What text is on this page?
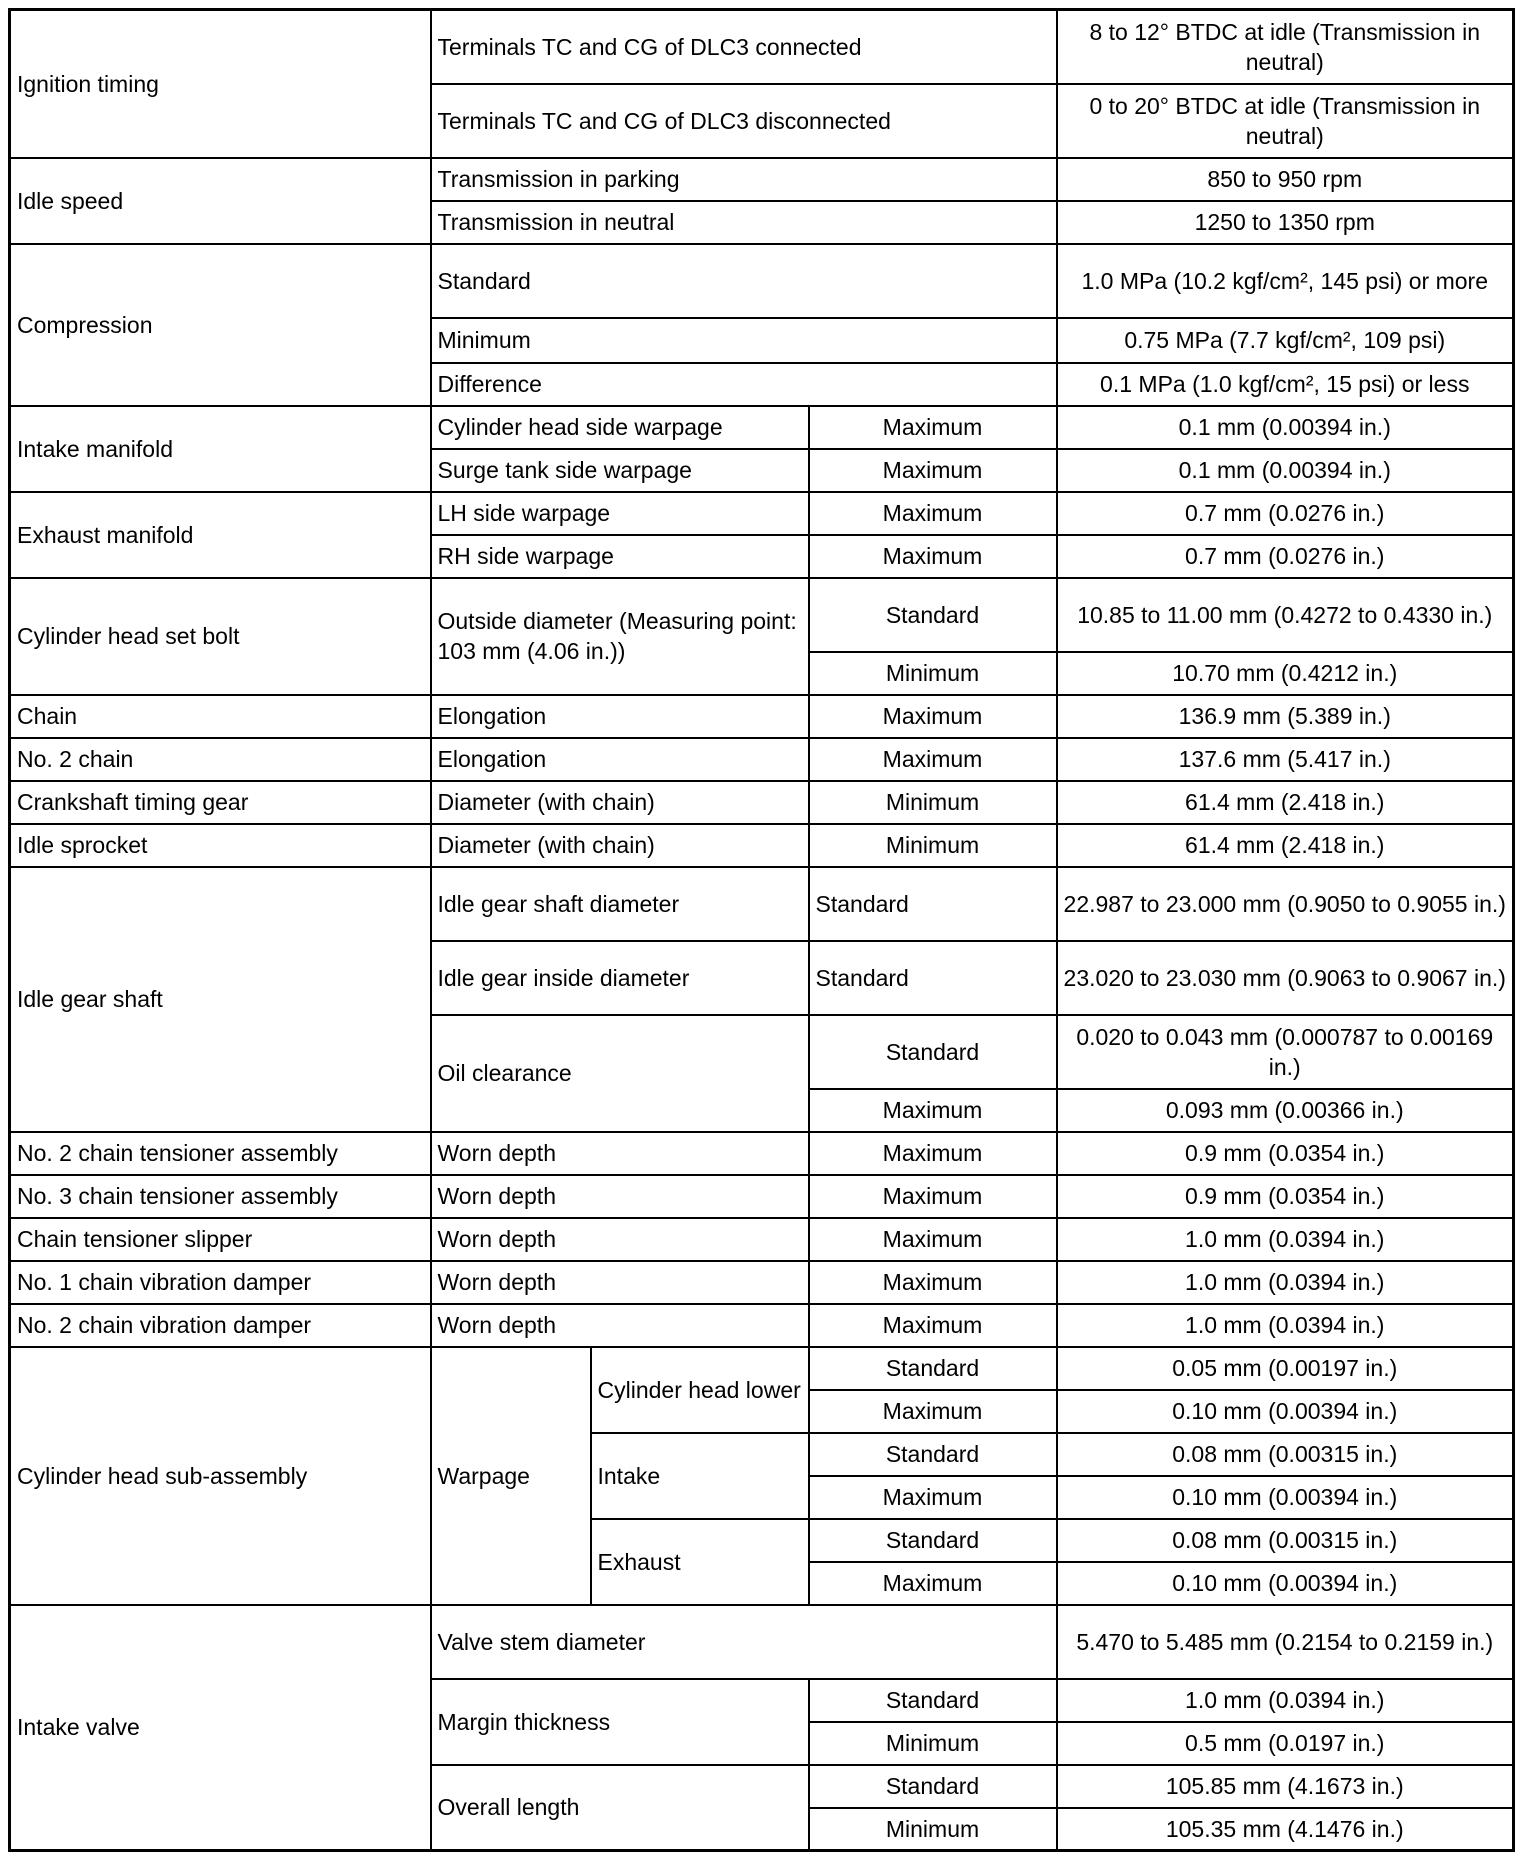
Ignition timing	Terminals TC and CG of DLC3 connected			8 to 12° BTDC at idle (Transmission in neutral)
	Terminals TC and CG of DLC3 disconnected			0 to 20° BTDC at idle (Transmission in neutral)
Idle speed	Transmission in parking			850 to 950 rpm
	Transmission in neutral			1250 to 1350 rpm
Compression	Standard			1.0 MPa (10.2 kgf/cm², 145 psi) or more
	Minimum			0.75 MPa (7.7 kgf/cm², 109 psi)
	Difference			0.1 MPa (1.0 kgf/cm², 15 psi) or less
Intake manifold	Cylinder head side warpage		Maximum	0.1 mm (0.00394 in.)
	Surge tank side warpage		Maximum	0.1 mm (0.00394 in.)
Exhaust manifold	LH side warpage		Maximum	0.7 mm (0.0276 in.)
	RH side warpage		Maximum	0.7 mm (0.0276 in.)
Cylinder head set bolt	Outside diameter (Measuring point: 103 mm (4.06 in.))		Standard	10.85 to 11.00 mm (0.4272 to 0.4330 in.)
			Minimum	10.70 mm (0.4212 in.)
Chain	Elongation		Maximum	136.9 mm (5.389 in.)
No. 2 chain	Elongation		Maximum	137.6 mm (5.417 in.)
Crankshaft timing gear	Diameter (with chain)		Minimum	61.4 mm (2.418 in.)
Idle sprocket	Diameter (with chain)		Minimum	61.4 mm (2.418 in.)
Idle gear shaft	Idle gear shaft diameter		Standard	22.987 to 23.000 mm (0.9050 to 0.9055 in.)
	Idle gear inside diameter		Standard	23.020 to 23.030 mm (0.9063 to 0.9067 in.)
	Oil clearance		Standard	0.020 to 0.043 mm (0.000787 to 0.00169 in.)
			Maximum	0.093 mm (0.00366 in.)
No. 2 chain tensioner assembly	Worn depth		Maximum	0.9 mm (0.0354 in.)
No. 3 chain tensioner assembly	Worn depth		Maximum	0.9 mm (0.0354 in.)
Chain tensioner slipper	Worn depth		Maximum	1.0 mm (0.0394 in.)
No. 1 chain vibration damper	Worn depth		Maximum	1.0 mm (0.0394 in.)
No. 2 chain vibration damper	Worn depth		Maximum	1.0 mm (0.0394 in.)
Cylinder head sub-assembly	Warpage	Cylinder head lower	Standard	0.05 mm (0.00197 in.)
			Maximum	0.10 mm (0.00394 in.)
		Intake	Standard	0.08 mm (0.00315 in.)
			Maximum	0.10 mm (0.00394 in.)
		Exhaust	Standard	0.08 mm (0.00315 in.)
			Maximum	0.10 mm (0.00394 in.)
Intake valve	Valve stem diameter			5.470 to 5.485 mm (0.2154 to 0.2159 in.)
	Margin thickness		Standard	1.0 mm (0.0394 in.)
			Minimum	0.5 mm (0.0197 in.)
	Overall length		Standard	105.85 mm (4.1673 in.)
			Minimum	105.35 mm (4.1476 in.)
